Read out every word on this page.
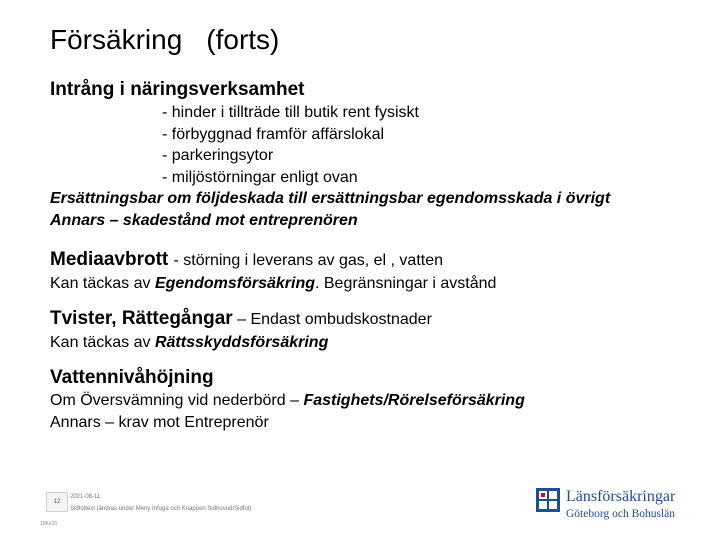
Försäkring (forts)
Intrång i näringsverksamhet
- hinder i tillträde till butik rent fysiskt
- förbyggnad framför affärslokal
- parkeringsytor
- miljöstörningar enligt ovan
Ersättningsbar om följdeskada till ersättningsbar egendomsskada i övrigt
Annars – skadestånd mot entreprenören
Mediaavbrott - störning i leverans av gas, el , vatten
Kan täckas av Egendomsförsäkring. Begränsningar i avstånd
Tvister, Rättegångar – Endast ombudskostnader
Kan täckas av Rättsskyddsförsäkring
Vattennivåhöjning
Om Översvämning vid nederbörd – Fastighets/Rörelseförsäkring
Annars – krav mot Entreprenör
12
2021-08-11
Sidfottext (ändras under Meny Infoga och Knappen Sidhuvud/Sidfot)
10Ke10
Länsförsäkringar
Göteborg och Bohuslän
